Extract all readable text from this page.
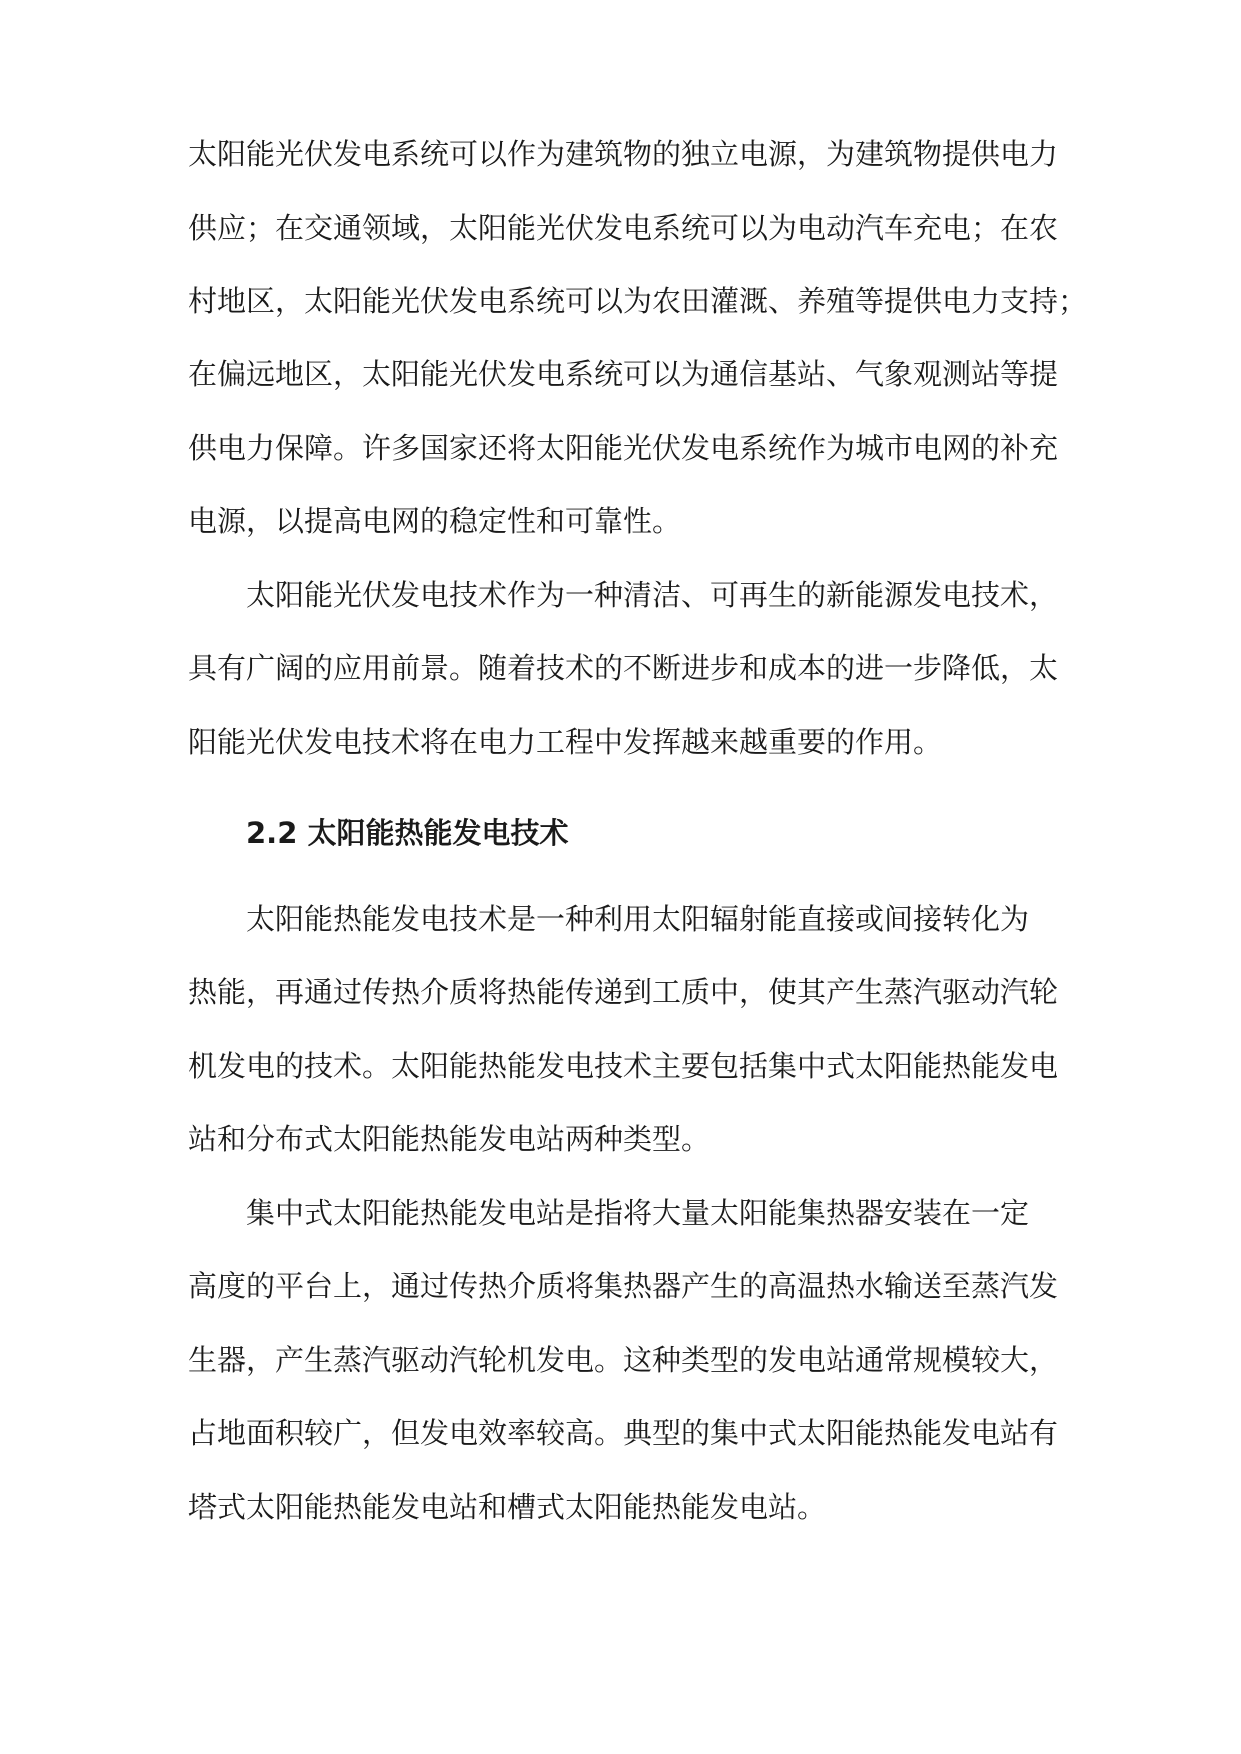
太阳能光伏发电系统可以作为建筑物的独立电源，为建筑物提供电力
供应；在交通领域，太阳能光伏发电系统可以为电动汽车充电；在农
村地区，太阳能光伏发电系统可以为农田灌溉、养殖等提供电力支持；
在偏远地区，太阳能光伏发电系统可以为通信基站、气象观测站等提
供电力保障。许多国家还将太阳能光伏发电系统作为城市电网的补充
电源，以提高电网的稳定性和可靠性。
太阳能光伏发电技术作为一种清洁、可再生的新能源发电技术，
具有广阔的应用前景。随着技术的不断进步和成本的进一步降低，太
阳能光伏发电技术将在电力工程中发挥越来越重要的作用。
2.2 太阳能热能发电技术
太阳能热能发电技术是一种利用太阳辐射能直接或间接转化为
热能，再通过传热介质将热能传递到工质中，使其产生蒸汽驱动汽轮
机发电的技术。太阳能热能发电技术主要包括集中式太阳能热能发电
站和分布式太阳能热能发电站两种类型。
集中式太阳能热能发电站是指将大量太阳能集热器安装在一定
高度的平台上，通过传热介质将集热器产生的高温热水输送至蒸汽发
生器，产生蒸汽驱动汽轮机发电。这种类型的发电站通常规模较大，
占地面积较广，但发电效率较高。典型的集中式太阳能热能发电站有
塔式太阳能热能发电站和槽式太阳能热能发电站。
